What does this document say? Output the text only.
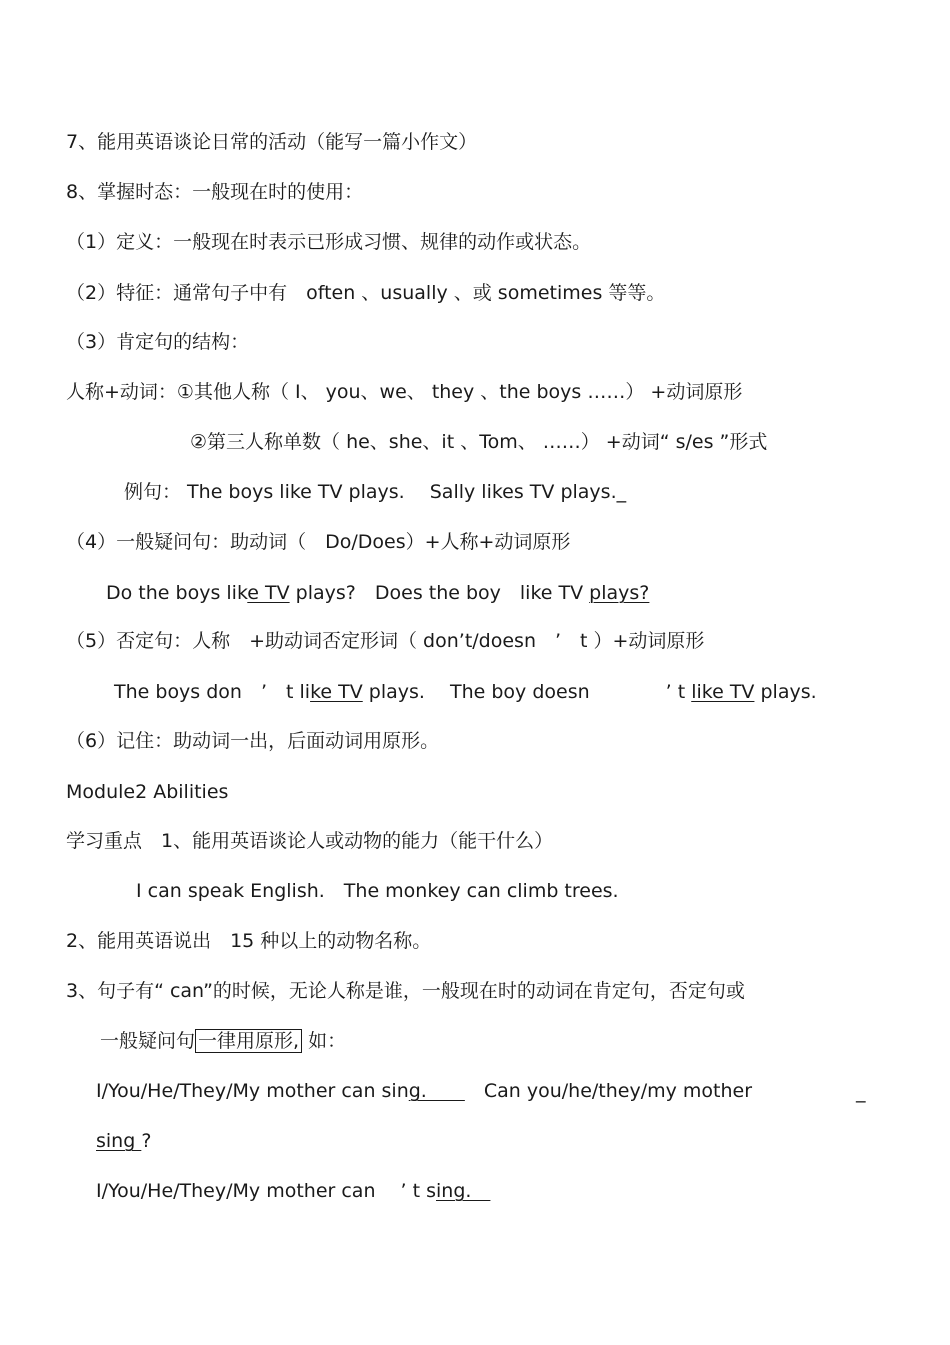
7、能用英语谈论日常的活动（能写一篇小作文）
8、掌握时态：一般现在时的使用：
（1）定义：一般现在时表示已形成习惯、规律的动作或状态。
（2）特征：通常句子中有　often 、usually 、或 sometimes 等等。
（3）肯定句的结构：
人称+动词：①其他人称（ I、 you、we、 they 、the boys ……） +动词原形
②第三人称单数（ he、she、it 、Tom、 ……） +动词“ s/es ”形式
例句： The boys like TV plays.　 Sally likes TV plays._
（4）一般疑问句：助动词（　Do/Does）+人称+动词原形
Do the boys like TV plays?　Does the boy　like TV plays?
（5）否定句：人称　+助动词否定形词（ don’t/doesn　’　t ）+动词原形
The boys don　’　t like TV plays.　 The boy doesn　　　　’ t like TV plays.
（6）记住：助动词一出，后面动词用原形。
Module2 Abilities
学习重点　1、能用英语谈论人或动物的能力（能干什么）
I can speak English.　The monkey can climb trees.
2、能用英语说出　15 种以上的动物名称。
3、句子有“ can”的时候，无论人称是谁，一般现在时的动词在肯定句，否定句或
一般疑问句 一律用原形, 如：
I/You/He/They/My mother can sing.　　　Can you/he/they/my mother	_
sing ?
I/You/He/They/My mother can　 ’ t sing.　
